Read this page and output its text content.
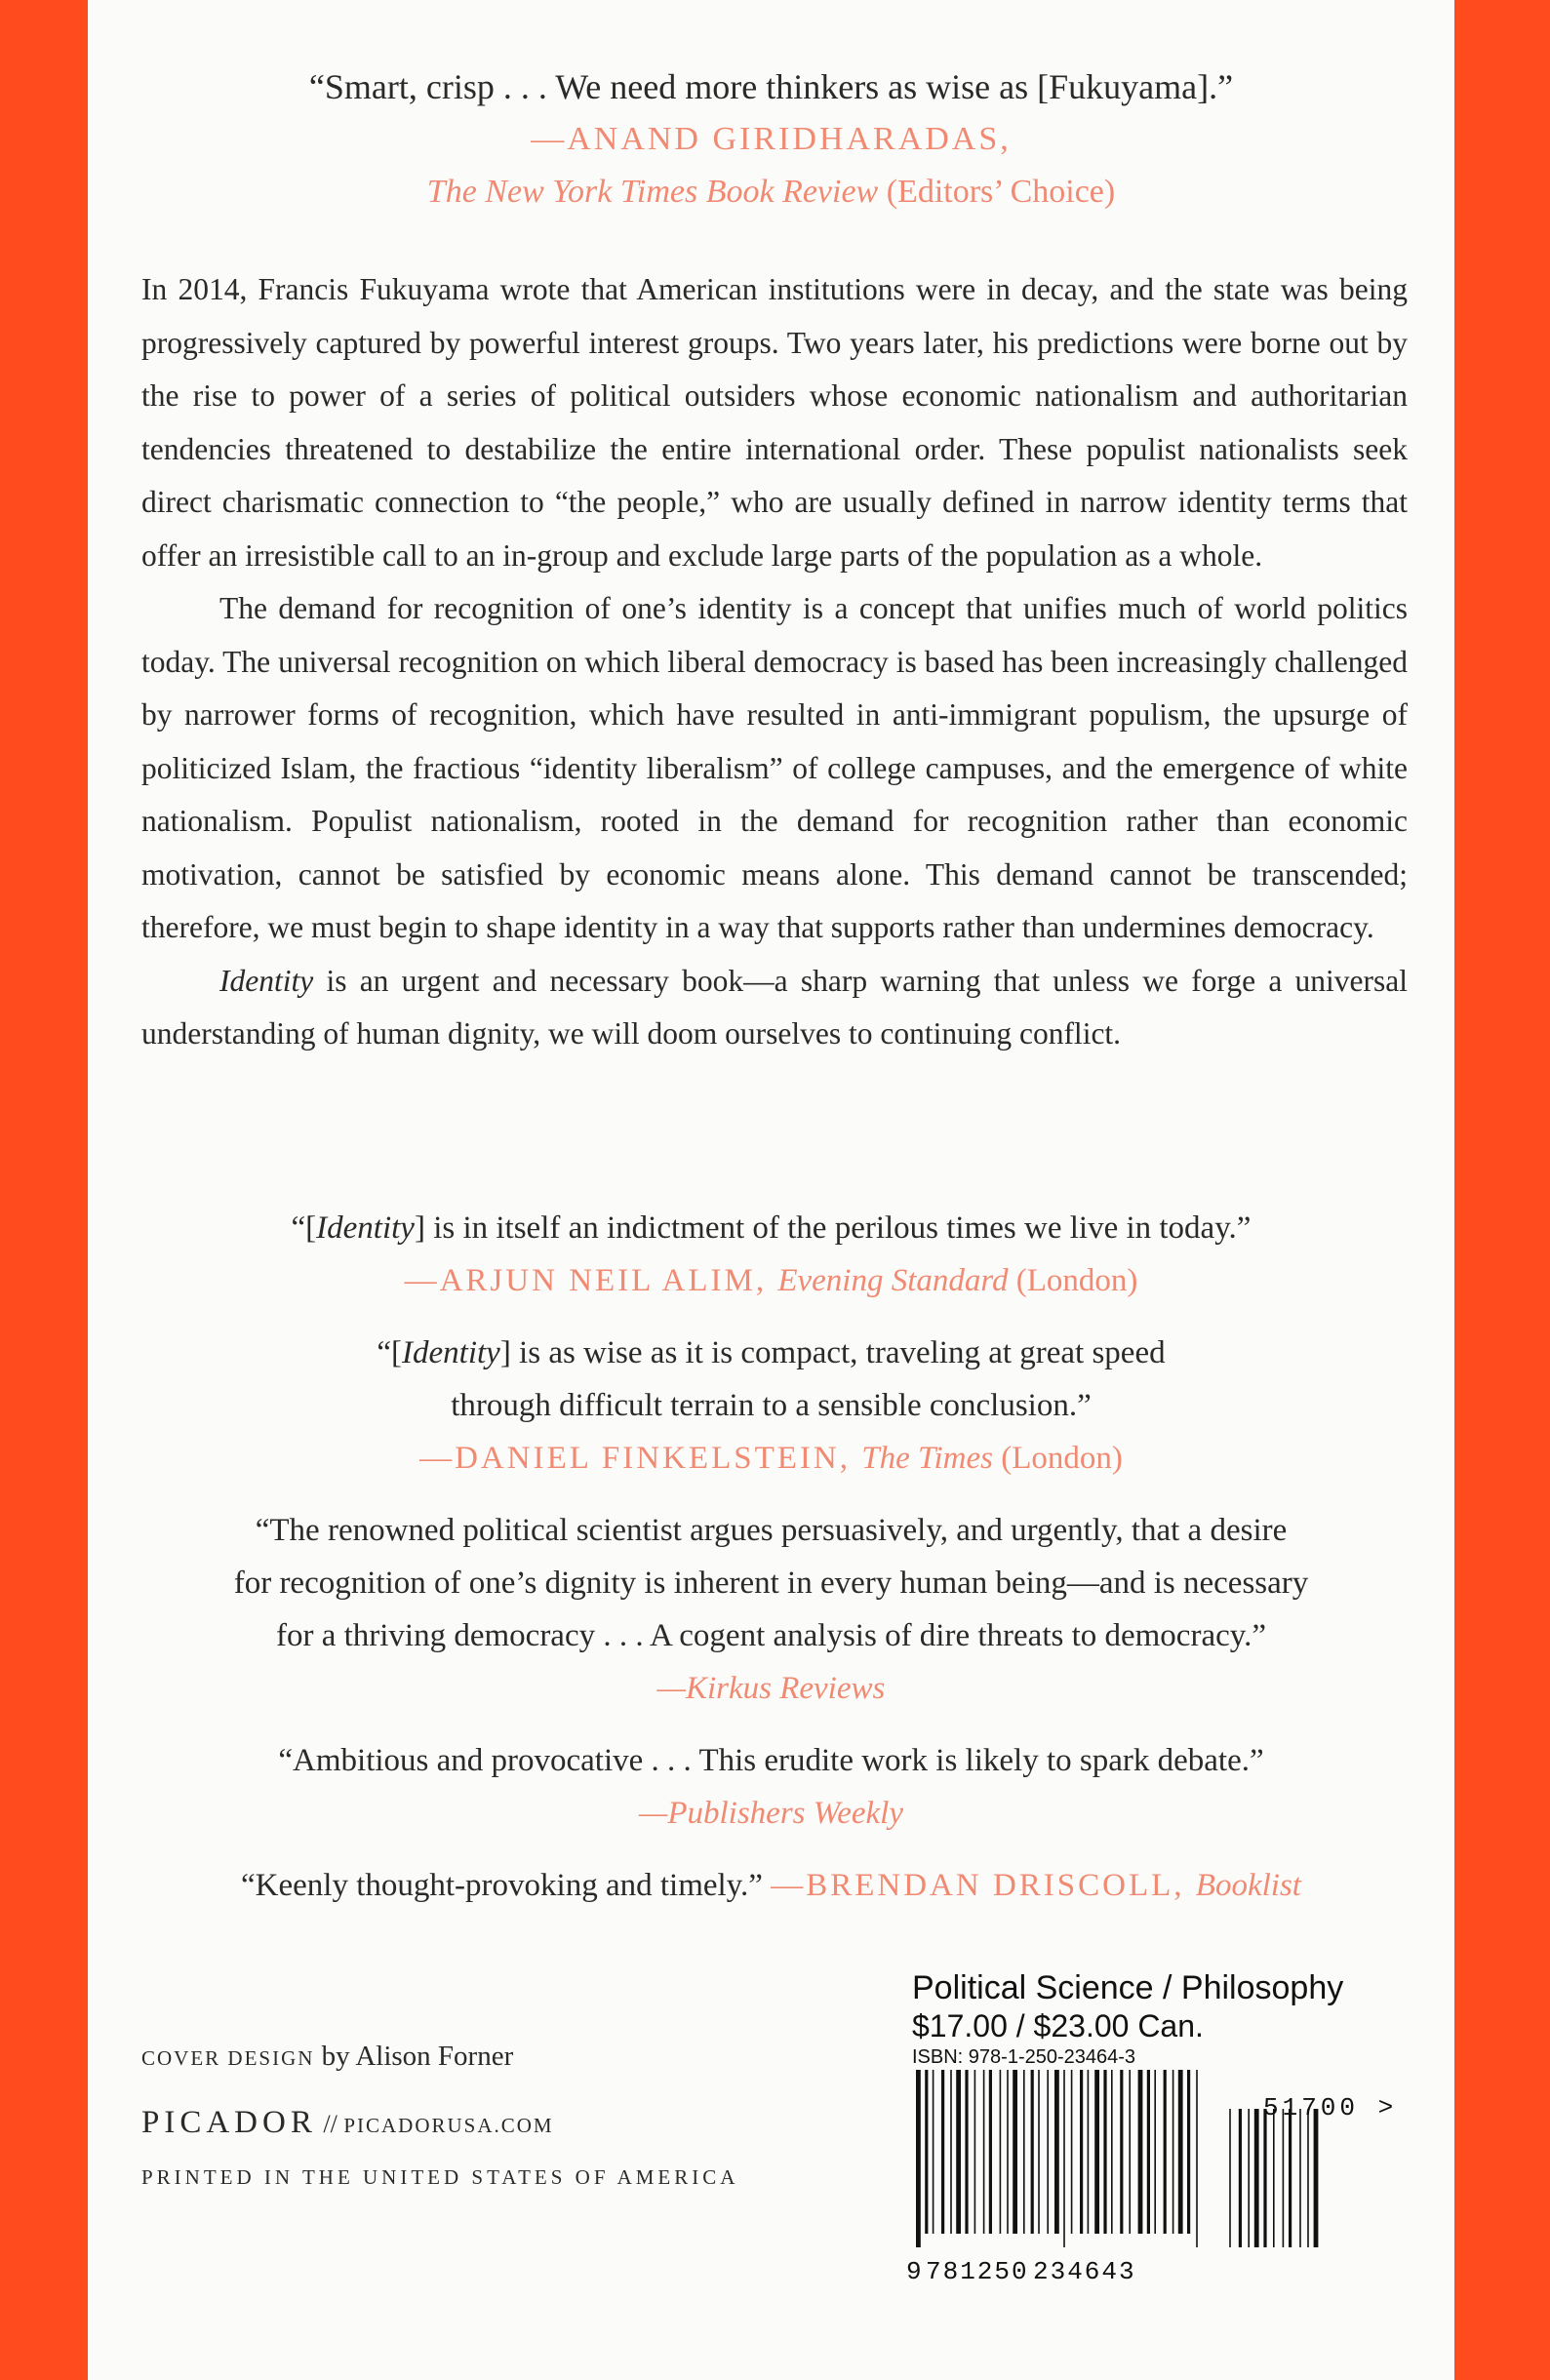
“Smart, crisp . . . We need more thinkers as wise as [Fukuyama].”
—ANAND GIRIDHARADAS,
The New York Times Book Review (Editors’ Choice)

In 2014, Francis Fukuyama wrote that American institutions were in decay, and the state was being progressively captured by powerful interest groups. Two years later, his predictions were borne out by the rise to power of a series of political outsiders whose economic nationalism and authoritarian tendencies threatened to destabilize the entire international order. These populist nationalists seek direct charismatic connection to “the people,” who are usually defined in narrow identity terms that offer an irresistible call to an in-group and exclude large parts of the population as a whole.

The demand for recognition of one’s identity is a concept that unifies much of world politics today. The universal recognition on which liberal democracy is based has been increasingly challenged by narrower forms of recognition, which have resulted in anti-immigrant populism, the upsurge of politicized Islam, the fractious “identity liberalism” of college campuses, and the emergence of white nationalism. Populist nationalism, rooted in the demand for recognition rather than economic motivation, cannot be satisfied by economic means alone. This demand cannot be transcended; therefore, we must begin to shape identity in a way that supports rather than undermines democracy.

Identity is an urgent and necessary book—a sharp warning that unless we forge a universal understanding of human dignity, we will doom ourselves to continuing conflict.

“[Identity] is in itself an indictment of the perilous times we live in today.”
—ARJUN NEIL ALIM, Evening Standard (London)
“[Identity] is as wise as it is compact, traveling at great speed
through difficult terrain to a sensible conclusion.”
—DANIEL FINKELSTEIN, The Times (London)
“The renowned political scientist argues persuasively, and urgently, that a desire
for recognition of one’s dignity is inherent in every human being—and is necessary
for a thriving democracy . . . A cogent analysis of dire threats to democracy.”
—Kirkus Reviews
“Ambitious and provocative . . . This erudite work is likely to spark debate.”
—Publishers Weekly
“Keenly thought-provoking and timely.” —BRENDAN DRISCOLL, Booklist
COVER DESIGN by Alison Forner
PICADOR // PICADORUSA.COM
PRINTED IN THE UNITED STATES OF AMERICA
Political Science / Philosophy
$17.00 / $23.00 Can.
ISBN: 978-1-250-23464-3
9 781250 234643
51700 >
